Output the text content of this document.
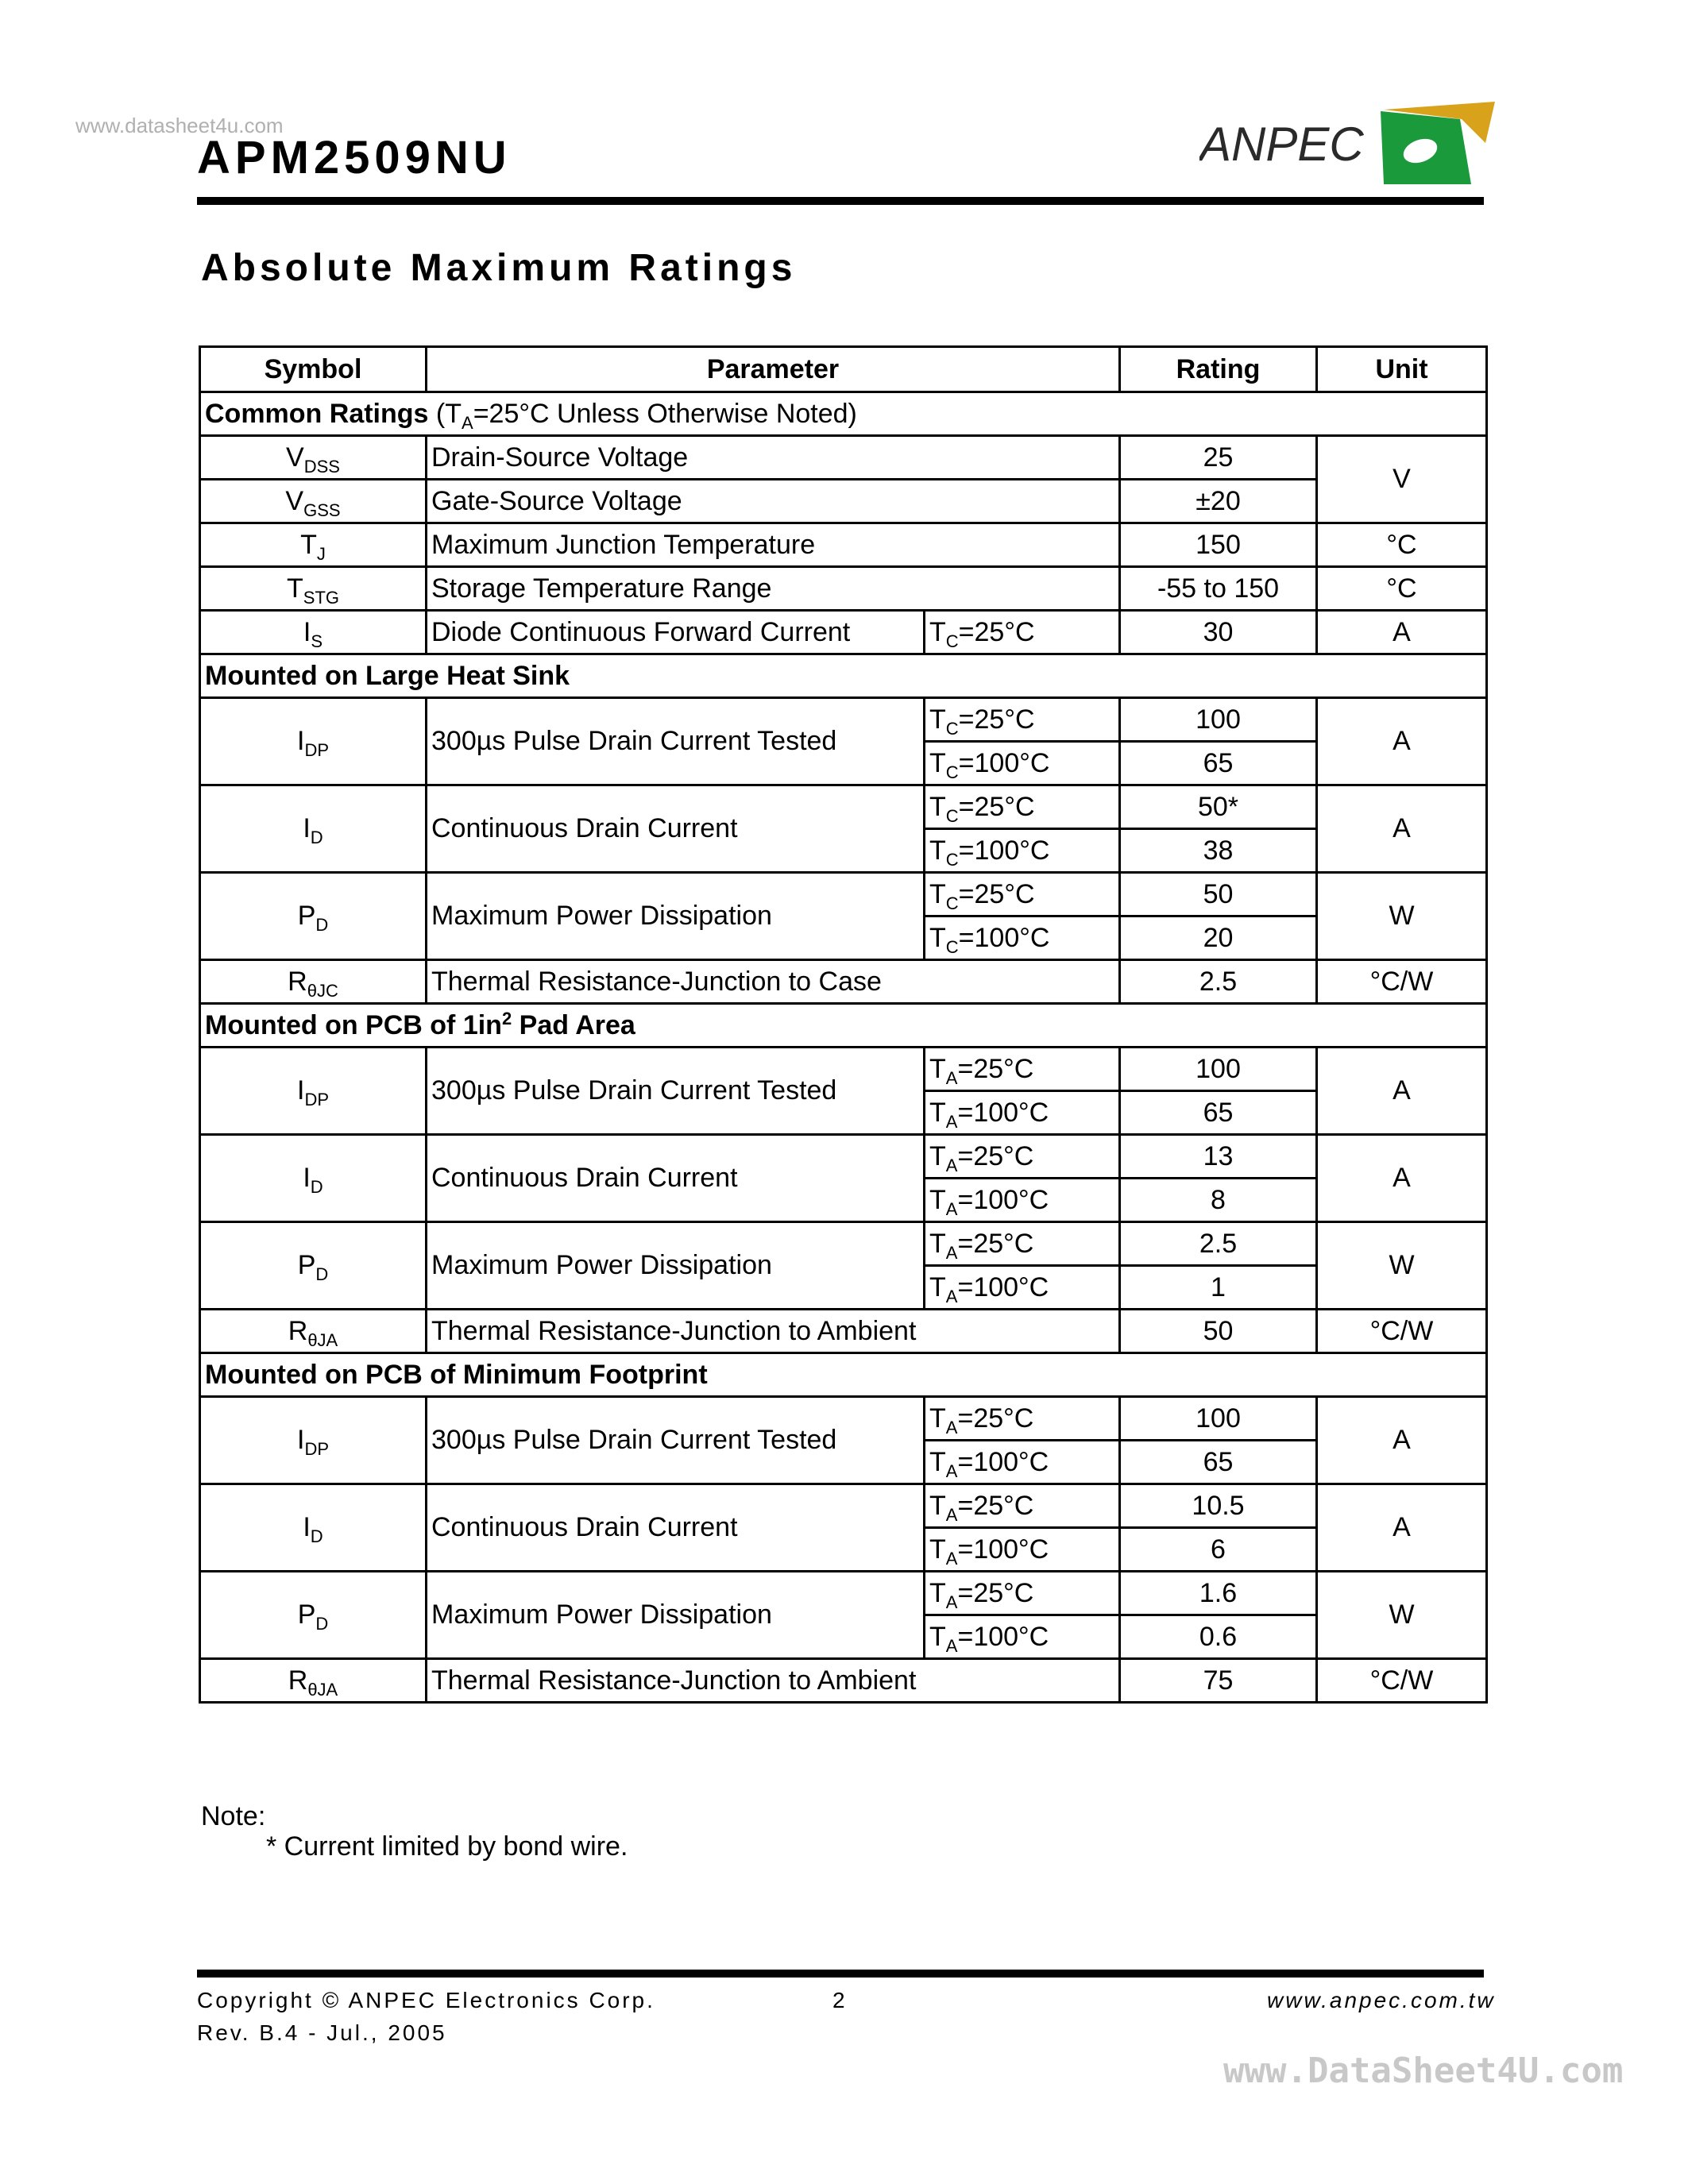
www.datasheet4u.com
APM2509NU	ANPEC
Absolute Maximum Ratings
Symbol	Parameter		Rating	Unit
Common Ratings ($T_A=25^\circ C$ Unless Otherwise Noted)				
$V_{DSS}$	Drain-Source Voltage		25	V
$V_{GSS}$	Gate-Source Voltage		±20	
$T_J$	Maximum Junction Temperature		150	°C
$T_{STG}$	Storage Temperature Range		-55 to 150	°C
$I_S$	Diode Continuous Forward Current	$T_C=25^\circ C$	30	A
Mounted on Large Heat Sink				
$I_{DP}$	300µs Pulse Drain Current Tested	$T_C=25^\circ C$	100	A
		$T_C=100^\circ C$	65	
$I_D$	Continuous Drain Current	$T_C=25^\circ C$	50*	A
		$T_C=100^\circ C$	38	
$P_D$	Maximum Power Dissipation	$T_C=25^\circ C$	50	W
		$T_C=100^\circ C$	20	
$R_{\theta JC}$	Thermal Resistance-Junction to Case		2.5	°C/W
Mounted on PCB of $1in^2$ Pad Area				
$I_{DP}$	300µs Pulse Drain Current Tested	$T_A=25^\circ C$	100	A
		$T_A=100^\circ C$	65	
$I_D$	Continuous Drain Current	$T_A=25^\circ C$	13	A
		$T_A=100^\circ C$	8	
$P_D$	Maximum Power Dissipation	$T_A=25^\circ C$	2.5	W
		$T_A=100^\circ C$	1	
$R_{\theta JA}$	Thermal Resistance-Junction to Ambient		50	°C/W
Mounted on PCB of Minimum Footprint				
$I_{DP}$	300µs Pulse Drain Current Tested	$T_A=25^\circ C$	100	A
		$T_A=100^\circ C$	65	
$I_D$	Continuous Drain Current	$T_A=25^\circ C$	10.5	A
		$T_A=100^\circ C$	6	
$P_D$	Maximum Power Dissipation	$T_A=25^\circ C$	1.6	W
		$T_A=100^\circ C$	0.6	
$R_{\theta JA}$	Thermal Resistance-Junction to Ambient		75	°C/W
Note:
* Current limited by bond wire.
Copyright © ANPEC Electronics Corp.	2	www.anpec.com.tw
Rev. B.4 - Jul., 2005
www.DataSheet4U.com
